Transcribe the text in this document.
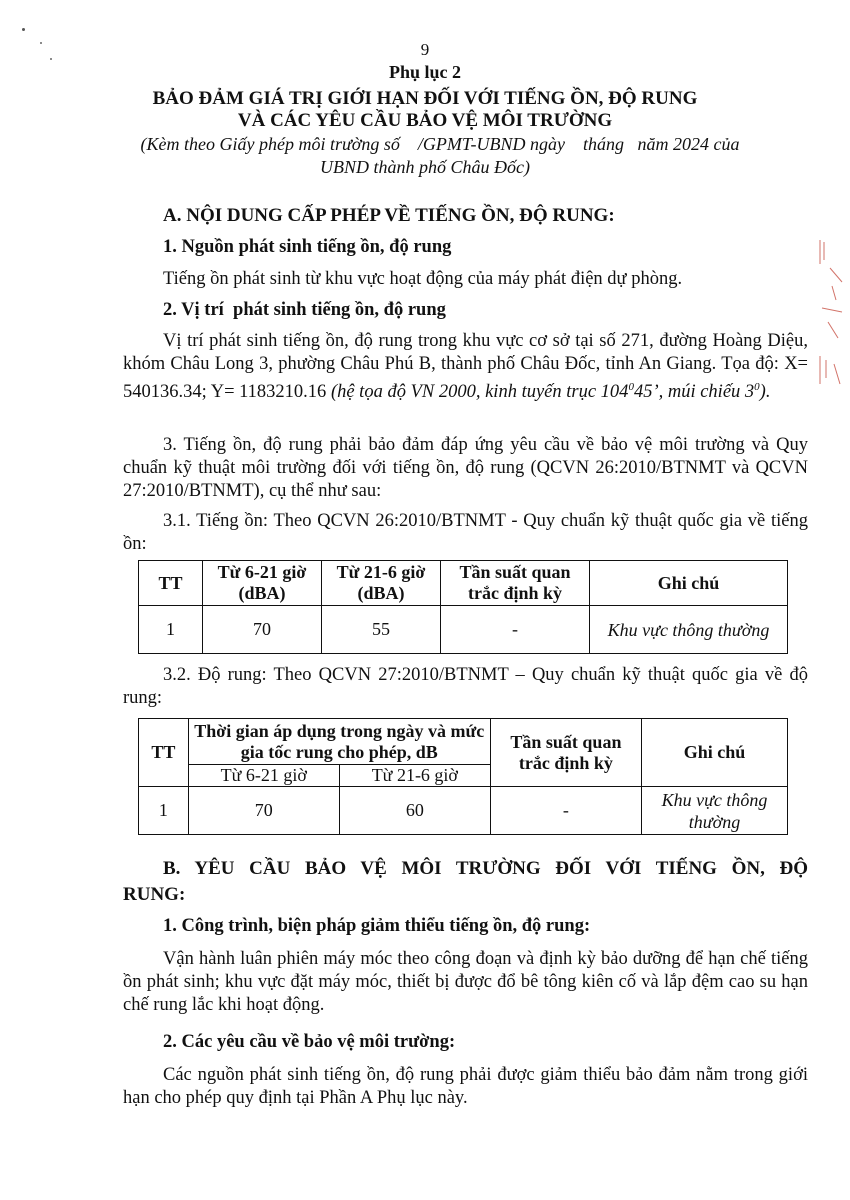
9
Phụ lục 2
BẢO ĐẢM GIÁ TRỊ GIỚI HẠN ĐỐI VỚI TIẾNG ỒN, ĐỘ RUNG
VÀ CÁC YÊU CẦU BẢO VỆ MÔI TRƯỜNG
(Kèm theo Giấy phép môi trường số    /GPMT-UBND ngày    tháng   năm 2024 của
UBND thành phố Châu Đốc)
A. NỘI DUNG CẤP PHÉP VỀ TIẾNG ỒN, ĐỘ RUNG:
1. Nguồn phát sinh tiếng ồn, độ rung
Tiếng ồn phát sinh từ khu vực hoạt động của máy phát điện dự phòng.
2. Vị trí  phát sinh tiếng ồn, độ rung
Vị trí phát sinh tiếng ồn, độ rung trong khu vực cơ sở tại số 271, đường Hoàng Diệu, khóm Châu Long 3, phường Châu Phú B, thành phố Châu Đốc, tỉnh An Giang. Tọa độ: X= 540136.34; Y= 1183210.16 (hệ tọa độ VN 2000, kinh tuyến trục $104^045$’, múi chiếu $3^0$).
3. Tiếng ồn, độ rung phải bảo đảm đáp ứng yêu cầu về bảo vệ môi trường và Quy chuẩn kỹ thuật môi trường đối với tiếng ồn, độ rung (QCVN 26:2010/BTNMT và QCVN 27:2010/BTNMT), cụ thể như sau:
3.1. Tiếng ồn: Theo QCVN 26:2010/BTNMT - Quy chuẩn kỹ thuật quốc gia về tiếng ồn:
TT	Từ 6-21 giờ (dBA)	Từ 21-6 giờ (dBA)	Tần suất quan trắc định kỳ	Ghi chú
1	70	55	-	Khu vực thông thường
3.2. Độ rung: Theo QCVN 27:2010/BTNMT – Quy chuẩn kỹ thuật quốc gia về độ rung:
TT	Thời gian áp dụng trong ngày và mức gia tốc rung cho phép, dB		Tần suất quan trắc định kỳ	Ghi chú
	Từ 6-21 giờ	Từ 21-6 giờ		
1	70	60	-	Khu vực thông thường
B. YÊU CẦU BẢO VỆ MÔI TRƯỜNG ĐỐI VỚI TIẾNG ỒN, ĐỘ
RUNG:
1. Công trình, biện pháp giảm thiểu tiếng ồn, độ rung:
Vận hành luân phiên máy móc theo công đoạn và định kỳ bảo dưỡng để hạn chế tiếng ồn phát sinh; khu vực đặt máy móc, thiết bị được đổ bê tông kiên cố và lắp đệm cao su hạn chế rung lắc khi hoạt động.
2. Các yêu cầu về bảo vệ môi trường:
Các nguồn phát sinh tiếng ồn, độ rung phải được giảm thiểu bảo đảm nằm trong giới hạn cho phép quy định tại Phần A Phụ lục này.
